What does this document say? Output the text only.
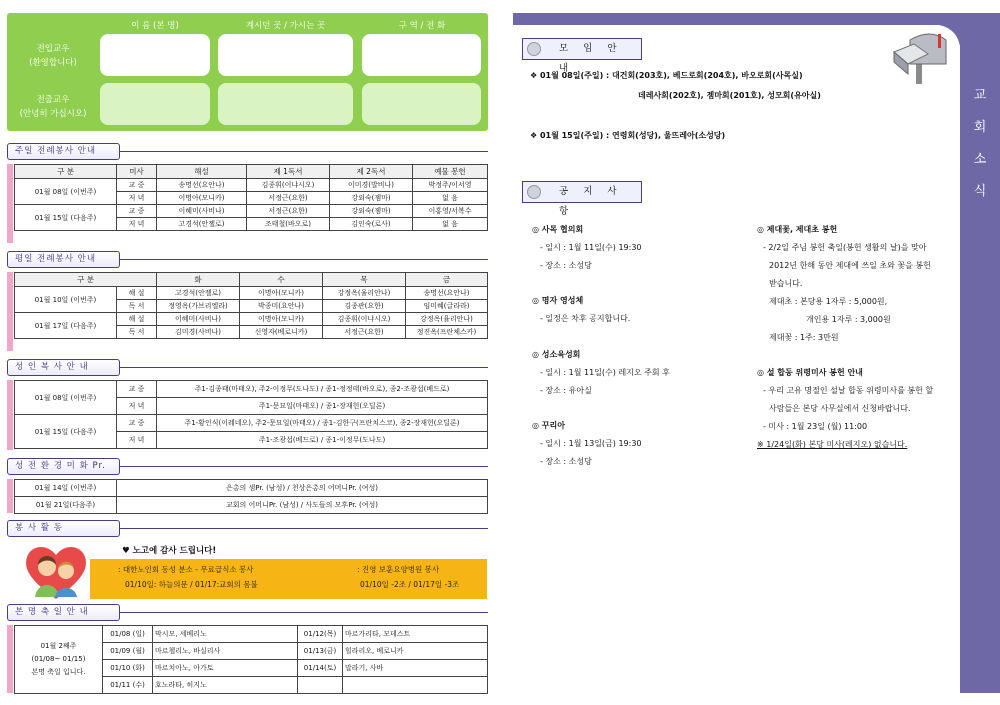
이 름 (본 명)	계시던 곳 / 가시는 곳	구 역 / 전 화
전입교우
(환영합니다)
전출교우
(안녕히 가십시오)
주일 전례봉사 안내
구 분	미사	해설	제 1독서	제 2독서	예물 봉헌
01월 08일 (이번주)	교 중	송명선(요안나)	김종휘(이냐시오)	이미경(발비나)	박정주/이서영
	저 녁	이명아(모니카)	서정근(요한)	강외숙(젬마)	없 음
01월 15일 (다음주)	교 중	이혜미(사비나)	서정근(요한)	강외숙(젬마)	이홍영/서복수
	저 녁	고경석(안젤로)	조태철(바오로)	김인숙(로사)	없 음
평일 전례봉사 안내
구 분		화	수	목	금
01월 10일 (이번주)	해 설	고경석(안젤로)	이명아(모니카)	강정옥(율리안나)	송명선(요안나)
	독 서	정영옥(가브리엘라)	박종미(요안나)	김종관(요한)	임미혜(글라라)
01월 17일 (다음주)	해 설	이혜미(사비나)	이명아(모니카)	김종휘(이냐시오)	강정옥(율리안나)
	독 서	김미경(사비나)	신영자(베로니카)	서정근(요한)	정진옥(프란체스카)
성 인 복 사 안 내
01월 08일 (이번주)	교 중	주1-김종태(마태오), 주2-이정무(도나도) / 종1-정정태(바오로), 종2-조광섭(베드로)
	저 녁	주1-문묘일(마태오) / 종1-장재헌(오딜론)
01월 15일 (다음주)	교 중	주1-황인식(이레네오), 주2-문묘일(마태오) / 종1-김한구(프란치스코), 종2-장재헌(오딜론)
	저 녁	주1-조광섭(베드로) / 종1-이정무(도나도)
성 전 환 경 미 화 Pr.
01월 14일 (이번주)	은총의 샘Pr. (남성) / 천상은총의 어머니Pr. (여성)
01월 21일(다음주)	교회의 어머니Pr. (남성) / 사도들의 모후Pr. (여성)
봉 사 활 동
♥ 노고에 감사 드립니다!
: 대한노인회 동성 분소 - 무료급식소 봉사
01/10일: 하늘의문 / 01/17:교회의 몸불
: 진영 보훈요양병원 봉사
01/10일 -2조 / 01/17일 -3조
본 명 축 일 안 내
01월 2째주
(01/08~ 01/15)
본명 축일 입니다.	01/08 (일)	막시모, 세베리노	01/12(목)	마르가리타, 모데스트
	01/09 (월)	마르첼리노, 바실리사	01/13(금)	힐라리오, 베로니카
	01/10 (화)	마르치아노, 아가토	01/14(토)	말라기, 사바
	01/11 (수)	호노라타, 히지노		
교
회
소
식
모 임 안 내
❖ 01월 08일(주일) : 대건회(203호), 베드로회(204호), 바오로회(사목실)
데레사회(202호), 젬마회(201호), 성모회(유아실)
❖ 01월 15일(주일) : 연령회(성당), 울뜨레아(소성당)
공 지 사 항
◎ 사목 협의회
- 일시 : 1월 11일(수) 19:30
- 장소 : 소성당
◎ 명자 영성체
- 일정은 차후 공지합니다.
◎ 성소육성회
- 일시 : 1월 11일(수) 레지오 주회 후
- 장소 : 유아실
◎ 꾸리아
- 일시 : 1월 13일(금) 19:30
- 장소 : 소성당
◎ 제대꽃, 제대초 봉헌
- 2/2일 주님 봉헌 축일(봉헌 생활의 날)을 맞아
2012년 한해 동안 제대에 쓰일 초와 꽃을 봉헌
받습니다.
제대초 : 본당용 1자루 : 5,000원,
개인용 1자루 : 3,000원
제대꽃 : 1주: 3만원
◎ 설 합동 위령미사 봉헌 안내
- 우리 고유 명절인 설날 합동 위령미사를 봉헌 할
사람들은 본당 사무실에서 신청바랍니다.
- 미사 : 1월 23일 (월) 11:00
※ 1/24일(화) 본당 미사(레지오) 없습니다.
